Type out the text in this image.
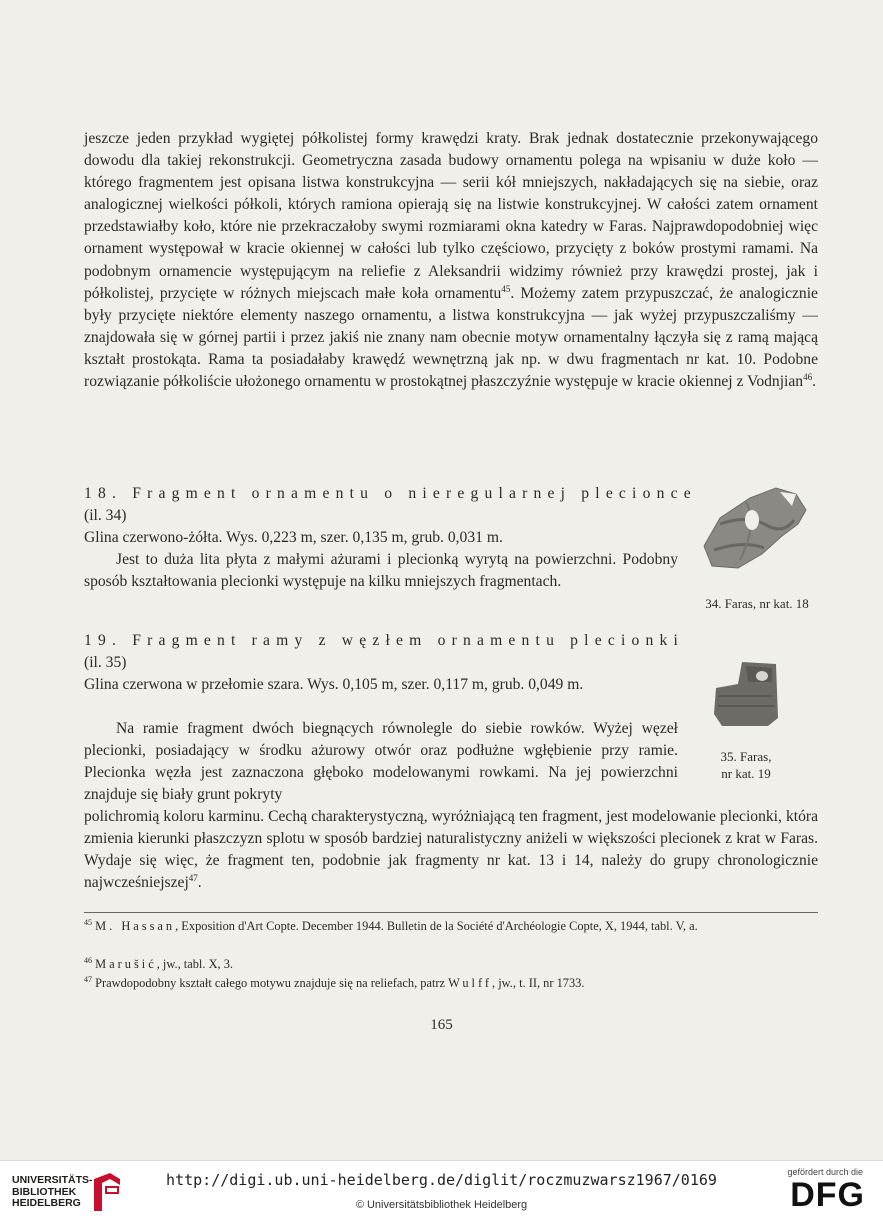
jeszcze jeden przykład wygiętej półkolistej formy krawędzi kraty. Brak jednak dostatecznie przekonywającego dowodu dla takiej rekonstrukcji. Geometryczna zasada budowy ornamentu polega na wpisaniu w duże koło — którego fragmentem jest opisana listwa konstrukcyjna — serii kół mniejszych, nakładających się na siebie, oraz analogicznej wielkości półkoli, których ramiona opierają się na listwie konstrukcyjnej. W całości zatem ornament przedstawiałby koło, które nie przekraczałoby swymi rozmiarami okna katedry w Faras. Najprawdopodobniej więc ornament występował w kracie okiennej w całości lub tylko częściowo, przycięty z boków prostymi ramami. Na podobnym ornamencie występującym na reliefie z Aleksandrii widzimy również przy krawędzi prostej, jak i półkolistej, przycięte w różnych miejscach małe koła ornamentu$^{45}$. Możemy zatem przypuszczać, że analogicznie były przycięte niektóre elementy naszego ornamentu, a listwa konstrukcyjna — jak wyżej przypuszczaliśmy — znajdowała się w górnej partii i przez jakiś nie znany nam obecnie motyw ornamentalny łączyła się z ramą mającą kształt prostokąta. Rama ta posiadałaby krawędź wewnętrzną jak np. w dwu fragmentach nr kat. 10. Podobne rozwiązanie półkoliście ułożonego ornamentu w prostokątnej płaszczyźnie występuje w kracie okiennej z Vodnjian$^{46}$.

18. Fragment ornamentu o nieregularnej plecionce

(il. 34)

Glina czerwono-żółta. Wys. 0,223 m, szer. 0,135 m, grub. 0,031 m.

Jest to duża lita płyta z małymi ażurami i plecionką wyrytą na powierzchni. Podobny sposób kształtowania plecionki występuje na kilku mniejszych fragmentach.

34. Faras, nr kat. 18

19. Fragment ramy z węzłem ornamentu plecionki

(il. 35)

Glina czerwona w przełomie szara. Wys. 0,105 m, szer. 0,117 m, grub. 0,049 m.

Na ramie fragment dwóch biegnących równolegle do siebie rowków. Wyżej węzeł plecionki, posiadający w środku ażurowy otwór oraz podłużne wgłębienie przy ramie. Plecionka węzła jest zaznaczona głęboko modelowanymi rowkami. Na jej powierzchni znajduje się biały grunt pokryty

polichromią koloru karminu. Cechą charakterystyczną, wyróżniającą ten fragment, jest modelowanie plecionki, która zmienia kierunki płaszczyzn splotu w sposób bardziej naturalistyczny aniżeli w większości plecionek z krat w Faras. Wydaje się więc, że fragment ten, podobnie jak fragmenty nr kat. 13 i 14, należy do grupy chronologicznie najwcześniejszej$^{47}$.

35. Faras,

nr kat. 19

$^{45}$ M. Hassan, Exposition d'Art Copte. December 1944. Bulletin de la Société d'Archéologie Copte, X, 1944, tabl. V, a.

$^{46}$ Marušić, jw., tabl. X, 3.

$^{47}$ Prawdopodobny kształt całego motywu znajduje się na reliefach, patrz Wulff, jw., t. II, nr 1733.

165
UNIVERSITÄTS-
BIBLIOTHEK
HEIDELBERG
http://digi.ub.uni-heidelberg.de/diglit/roczmuzwarsz1967/0169
© Universitätsbibliothek Heidelberg
gefördert durch die
DFG
